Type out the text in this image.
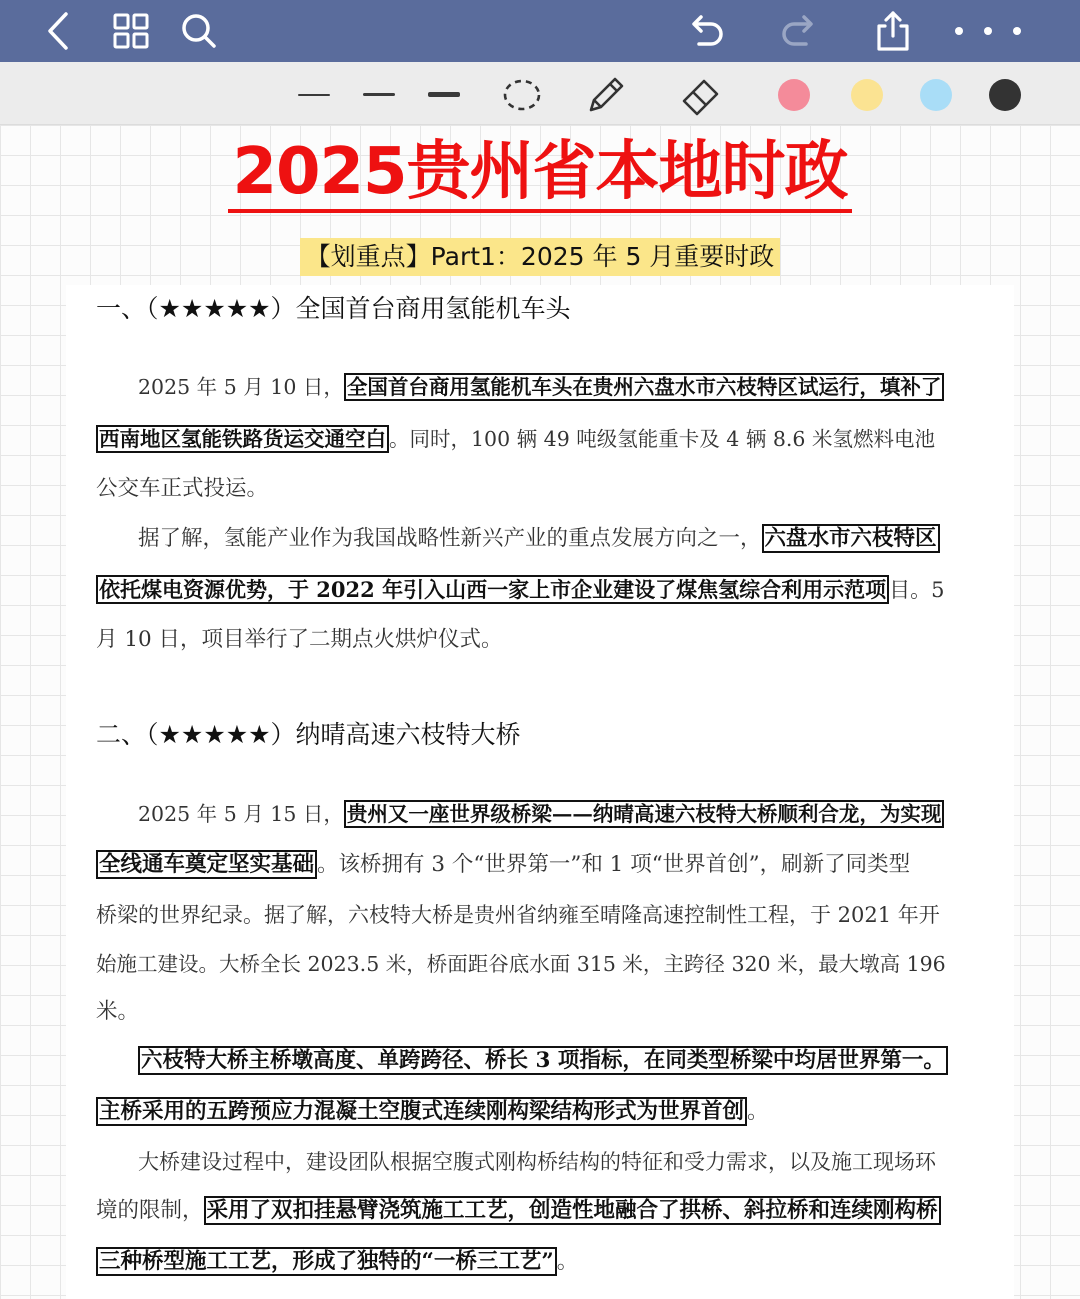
2025贵州省本地时政
【划重点】Part1：2025 年 5 月重要时政
一、（★★★★★）全国首台商用氢能机车头
2025 年 5 月 10 日， 全国首台商用氢能机车头在贵州六盘水市六枝特区试运行，填补了
西南地区氢能铁路货运交通空白 。同时，100 辆 49 吨级氢能重卡及 4 辆 8.6 米氢燃料电池
公交车正式投运。
据了解，氢能产业作为我国战略性新兴产业的重点发展方向之一， 六盘水市六枝特区
依托煤电资源优势，于 2022 年引入山西一家上市企业建设了煤焦氢综合利用示范项 目。5
月 10 日，项目举行了二期点火烘炉仪式。
二、（★★★★★）纳晴高速六枝特大桥
2025 年 5 月 15 日， 贵州又一座世界级桥梁——纳晴高速六枝特大桥顺利合龙，为实现
全线通车奠定坚实基础 。该桥拥有 3 个“世界第一”和 1 项“世界首创”，刷新了同类型
桥梁的世界纪录。据了解，六枝特大桥是贵州省纳雍至晴隆高速控制性工程，于 2021 年开
始施工建设。大桥全长 2023.5 米，桥面距谷底水面 315 米，主跨径 320 米，最大墩高 196
米。
六枝特大桥主桥墩高度、单跨跨径、桥长 3 项指标，在同类型桥梁中均居世界第一。
主桥采用的五跨预应力混凝土空腹式连续刚构梁结构形式为世界首创 。
大桥建设过程中，建设团队根据空腹式刚构桥结构的特征和受力需求，以及施工现场环
境的限制， 采用了双扣挂悬臂浇筑施工工艺，创造性地融合了拱桥、斜拉桥和连续刚构桥
三种桥型施工工艺，形成了独特的“一桥三工艺” 。
